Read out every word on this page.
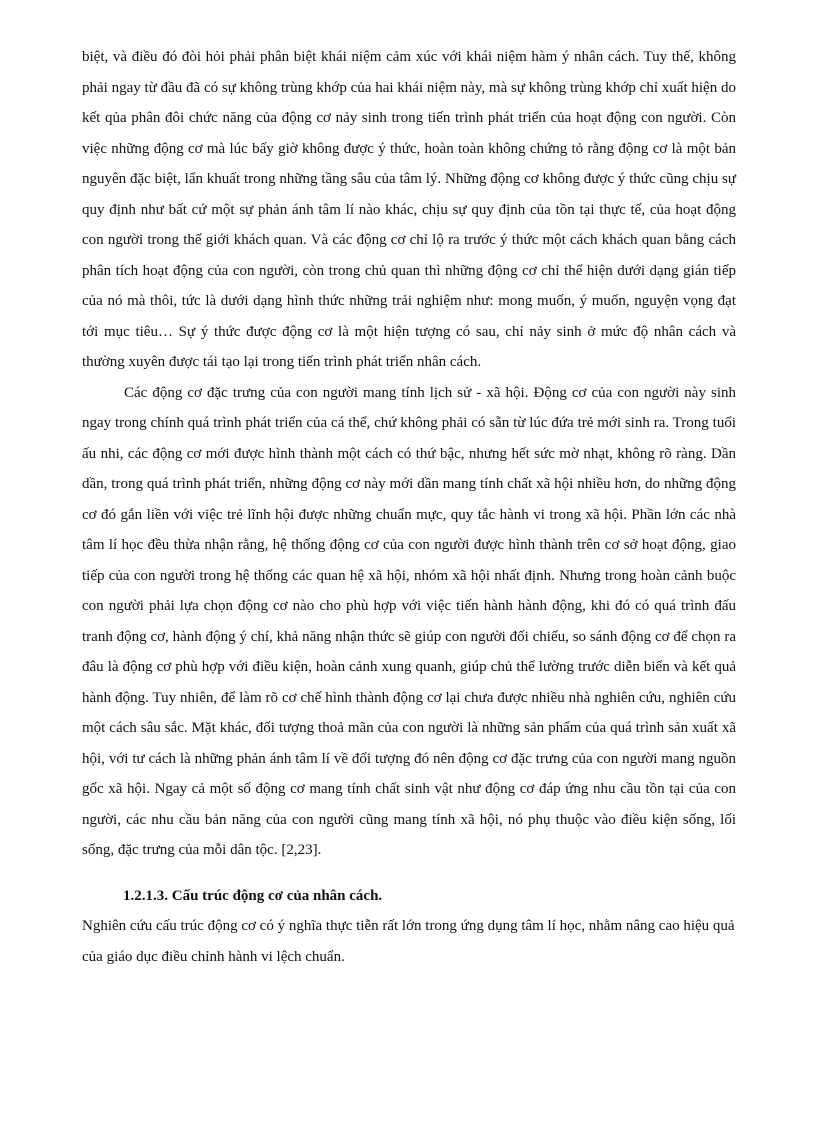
biệt, và điều đó đòi hỏi phải phân biệt khái niệm cảm xúc với khái niệm hàm ý nhân cách. Tuy thế, không phải ngay từ đầu đã có sự không trùng khớp của hai khái niệm này, mà sự không trùng khớp chỉ xuất hiện do kết qủa phân đôi chức năng của động cơ nảy sinh trong tiến trình phát triển của hoạt động con người. Còn việc những động cơ mà lúc bấy giờ không được ý thức, hoàn toàn không chứng tỏ rằng động cơ là một bản nguyên đặc biệt, lẩn khuất trong những tầng sâu của tâm lý. Những động cơ không được ý thức cũng chịu sự quy định như bất cứ một sự phản ánh tâm lí nào khác, chịu sự quy định của tồn tại thực tế, của hoạt động con người trong thế giới khách quan. Và các động cơ chỉ lộ ra trước ý thức một cách khách quan bằng cách phân tích hoạt động của con người, còn trong chủ quan thì những động cơ chỉ thể hiện dưới dạng gián tiếp của nó mà thôi, tức là dưới dạng hình thức những trải nghiệm như: mong muốn, ý muốn, nguyện vọng đạt tới mục tiêu… Sự ý thức được động cơ là một hiện tượng có sau, chỉ nảy sinh ở mức độ nhân cách và thường xuyên được tái tạo lại trong tiến trình phát triển nhân cách.

Các động cơ đặc trưng của con người mang tính lịch sử - xã hội. Động cơ của con người này sinh ngay trong chính quá trình phát triển của cá thể, chứ không phải có sẵn từ lúc đứa trẻ mới sinh ra. Trong tuổi ấu nhi, các động cơ mới được hình thành một cách có thứ bậc, nhưng hết sức mờ nhạt, không rõ ràng. Dần dần, trong quá trình phát triển, những động cơ này mới dần mang tính chất xã hội nhiều hơn, do những động cơ đó gắn liền với việc trẻ lĩnh hội được những chuẩn mực, quy tắc hành vi trong xã hội. Phần lớn các nhà tâm lí học đều thừa nhận rằng, hệ thống động cơ của con người được hình thành trên cơ sở hoạt động, giao tiếp của con người trong hệ thống các quan hệ xã hội, nhóm xã hội nhất định. Nhưng trong hoàn cảnh buộc con người phải lựa chọn động cơ nào cho phù hợp với việc tiến hành hành động, khi đó có quá trình đấu tranh động cơ, hành động ý chí, khả năng nhận thức sẽ giúp con người đối chiếu, so sánh động cơ để chọn ra đâu là động cơ phù hợp với điều kiện, hoàn cảnh xung quanh, giúp chủ thể lường trước diễn biến và kết quả hành động. Tuy nhiên, để làm rõ cơ chế hình thành động cơ lại chưa được nhiều nhà nghiên cứu, nghiên cứu một cách sâu sắc. Mặt khác, đối tượng thoả mãn của con người là những sản phẩm của quá trình sản xuất xã hội, với tư cách là những phản ánh tâm lí về đối tượng đó nên động cơ đặc trưng của con người mang nguồn gốc xã hội. Ngay cả một số động cơ mang tính chất sinh vật như động cơ đáp ứng nhu cầu tồn tại của con người, các nhu cầu bản năng của con người cũng mang tính xã hội, nó phụ thuộc vào điều kiện sống, lối sống, đặc trưng của mỗi dân tộc. [2,23].

1.2.1.3. Cấu trúc động cơ của nhân cách.

Nghiên cứu cấu trúc động cơ có ý nghĩa thực tiễn rất lớn trong ứng dụng tâm lí học, nhằm nâng cao hiệu quả của giáo dục điều chỉnh hành vi lệch chuẩn.
